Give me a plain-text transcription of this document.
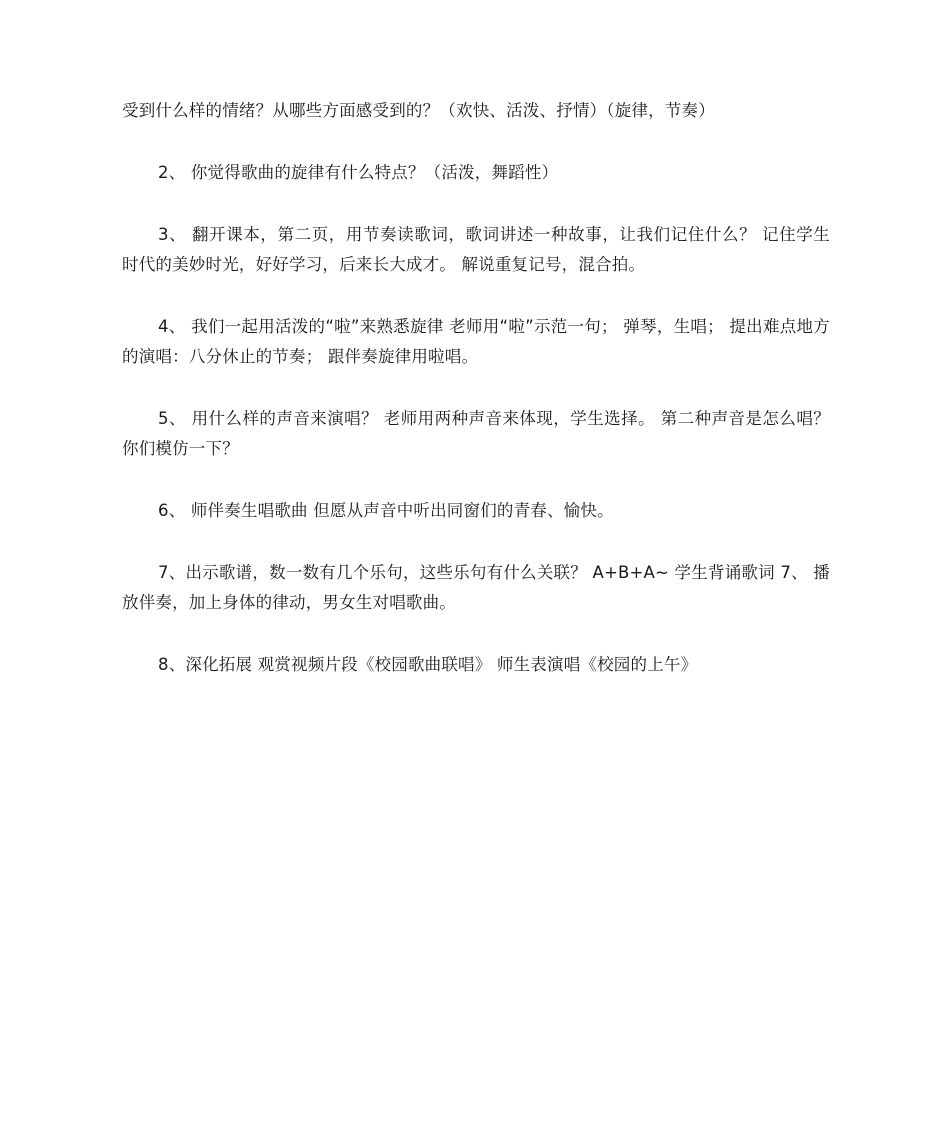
受到什么样的情绪？从哪些方面感受到的？（欢快、活泼、抒情）（旋律，节奏）

2、 你觉得歌曲的旋律有什么特点？（活泼，舞蹈性）

3、 翻开课本，第二页，用节奏读歌词，歌词讲述一种故事，让我们记住什么？ 记住学生时代的美妙时光，好好学习，后来长大成才。 解说重复记号，混合拍。

4、 我们一起用活泼的“啦”来熟悉旋律 老师用“啦”示范一句； 弹琴，生唱； 提出难点地方的演唱：八分休止的节奏； 跟伴奏旋律用啦唱。

5、 用什么样的声音来演唱？ 老师用两种声音来体现，学生选择。 第二种声音是怎么唱？你们模仿一下？

6、 师伴奏生唱歌曲 但愿从声音中听出同窗们的青春、愉快。

7、出示歌谱，数一数有几个乐句，这些乐句有什么关联？ A+B+A~ 学生背诵歌词 7、 播放伴奏，加上身体的律动，男女生对唱歌曲。

8、深化拓展 观赏视频片段《校园歌曲联唱》 师生表演唱《校园的上午》
